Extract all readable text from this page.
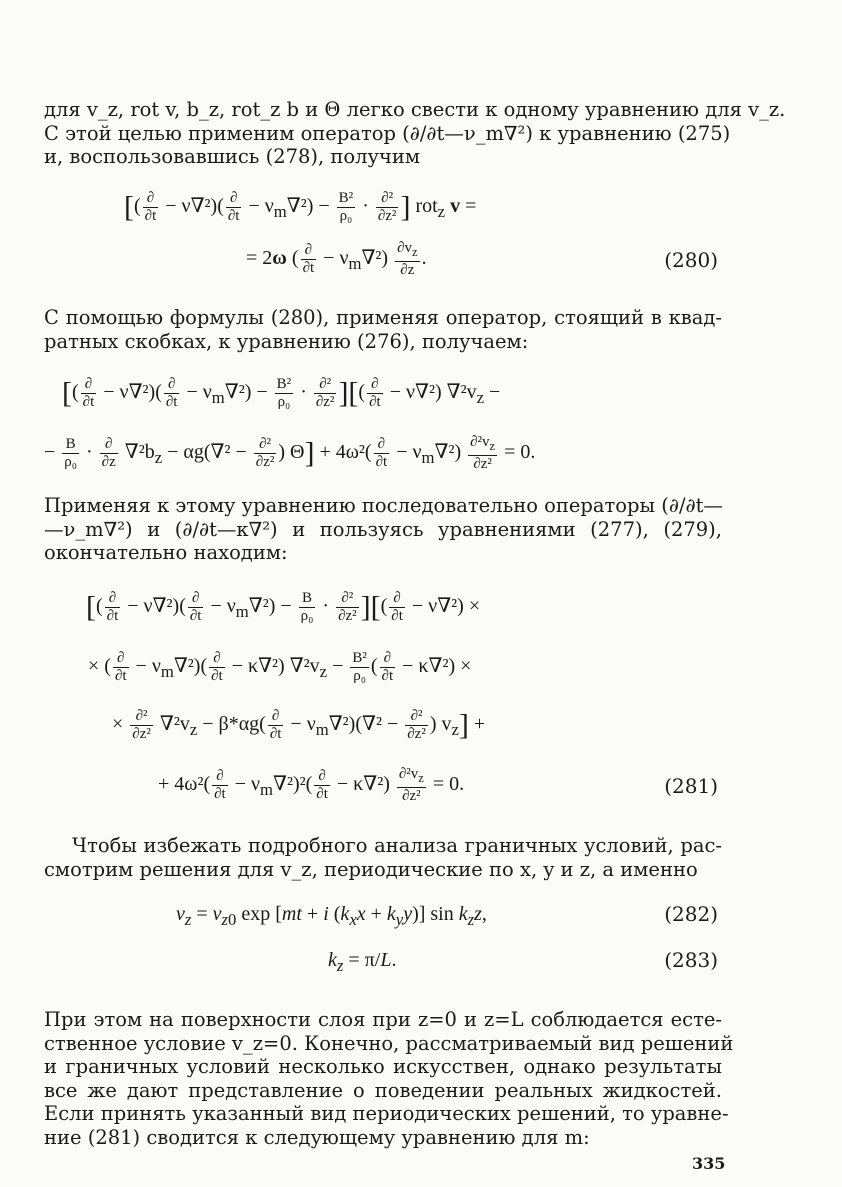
для v_z, rot v, b_z, rot_z b и Θ легко свести к одному уравнению для v_z.
С этой целью применим оператор (∂/∂t—ν_m∇²) к уравнению (275)
и, воспользовавшись (278), получим
[( $\frac{\partial}{\partial t} - \nu\nabla^2)( \frac{\partial}{\partial t} - \nu_m\nabla^2) - \frac{\text{B²}}{\text{ρ₀}} \cdot \frac{\text{∂²}}{\text{∂z²}}$ ] rot$_z$ v =
= 2ω ( $\frac{\partial}{\partial t} - \nu_m\nabla^2) \frac{\partial v_z}{\partial z}$ .	(280)
С помощью формулы (280), применяя оператор, стоящий в квад-
ратных скобках, к уравнению (276), получаем:
[( $\frac{\partial}{\partial t} - \nu\nabla^2)( \frac{\partial}{\partial t} - \nu_m\nabla^2) - \frac{\text{B²}}{\text{ρ₀}} \cdot \frac{\text{∂²}}{\text{∂z²}}$ ][( $\frac{\partial}{\partial t} - \nu\nabla^2$) $\nabla^2v_z$ −
− $\frac{B}{\text{ρ₀}} \cdot \frac{\partial}{\partial z} \nabla^2b_z - \alpha g(\nabla^2 - \frac{\text{∂²}}{\text{∂z²}}$ ) $\Theta] + 4\omega^2( \frac{\partial}{\partial t} - \nu_m\nabla^2) \frac{\partial^2v_z}{\text{∂z²}} = 0$.
Применяя к этому уравнению последовательно операторы (∂/∂t—
—ν_m∇²) и (∂/∂t—κ∇²) и пользуясь уравнениями (277), (279),
окончательно находим:
[( $\frac{\partial}{\partial t} - \nu\nabla^2)( \frac{\partial}{\partial t} - \nu_m\nabla^2) - \frac{B}{\text{ρ₀}} \cdot \frac{\text{∂²}}{\text{∂z²}}$ ][( $\frac{\partial}{\partial t} - \nu\nabla^2$) ×
× ( $\frac{\partial}{\partial t} - \nu_m\nabla^2)( \frac{\partial}{\partial t} - \kappa\nabla^2)$ $\nabla^2v_z - \frac{\text{B²}}{\text{ρ₀}}$ ( $\frac{\partial}{\partial t} - \kappa\nabla^2$) ×
× $\frac{\text{∂²}}{\text{∂z²}} \nabla^2v_z - \beta*\alpha g( \frac{\partial}{\partial t} - \nu_m\nabla^2)(\nabla^2 - \frac{\text{∂²}}{\text{∂z²}}$ ) $v_z$] +
+ $4\omega^2( \frac{\partial}{\partial t} - \nu_m\nabla^2)^2( \frac{\partial}{\partial t} - \kappa\nabla^2) \frac{\partial^2v_z}{\text{∂z²}} = 0$.	(281)
Чтобы избежать подробного анализа граничных условий, рас-
смотрим решения для v_z, периодические по x, y и z, а именно
$v_z = v_{z0}$ exp [mt + i $(k_xx + k_yy)$] $\sin k_zz$,	(282)
$k_z = \pi/L$.	(283)
При этом на поверхности слоя при z=0 и z=L соблюдается есте-
ственное условие v_z=0. Конечно, рассматриваемый вид решений
и граничных условий несколько искусствен, однако результаты
все же дают представление о поведении реальных жидкостей.
Если принять указанный вид периодических решений, то уравне-
ние (281) сводится к следующему уравнению для m:
335
